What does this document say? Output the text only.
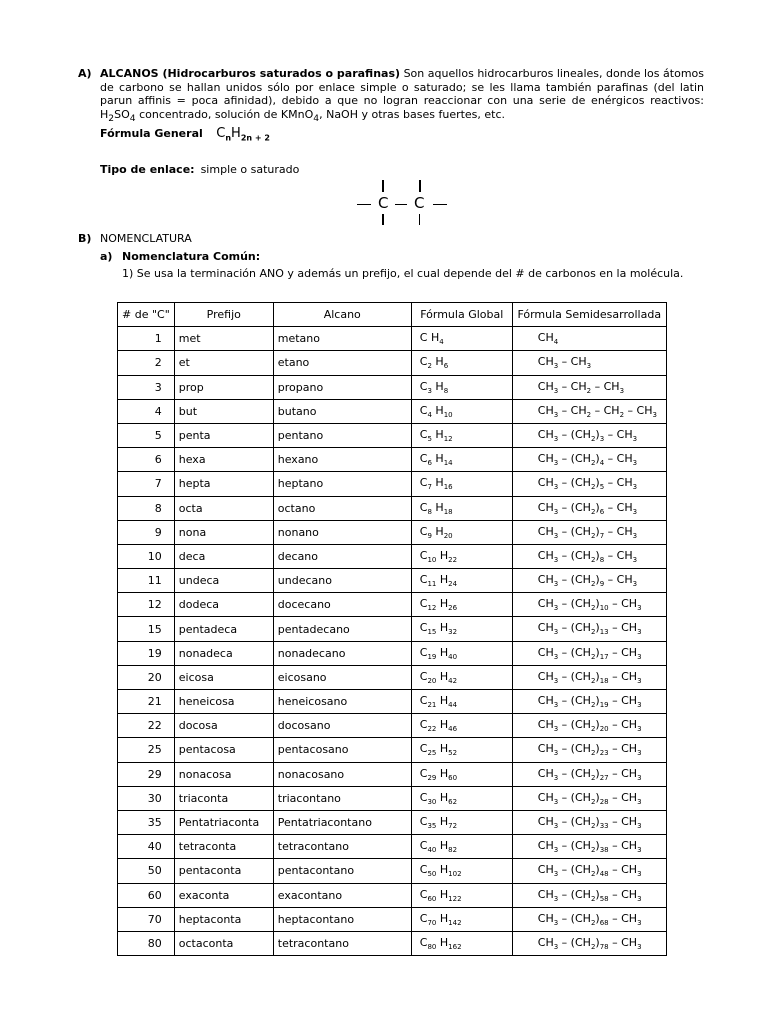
A) ALCANOS (Hidrocarburos saturados o parafinas) Son aquellos hidrocarburos lineales, donde los átomos de carbono se hallan unidos sólo por enlace simple o saturado; se les llama también parafinas (del latin parun affinis = poca afinidad), debido a que no logran reaccionar con una serie de enérgicos reactivos: $H_2SO_4$ concentrado, solución de KMnO$_4$, NaOH y otras bases fuertes, etc.
Fórmula General $C_nH_{2n + 2}$
Tipo de enlace: simple o saturado
C C
B) NOMENCLATURA
a) Nomenclatura Común:
1) Se usa la terminación ANO y además un prefijo, el cual depende del # de carbonos en la molécula.
# de "C"	Prefijo	Alcano	Fórmula Global	Fórmula Semidesarrollada
1	met	metano	C $H_4$	$CH_4$
2	et	etano	$C_2$ $H_6$	$CH_3 - CH_3$
3	prop	propano	$C_3$ $H_8$	$CH_3 - CH_2 - CH_3$
4	but	butano	$C_4$ $H_{10}$	$CH_3 - CH_2 - CH_2 - CH_3$
5	penta	pentano	$C_5$ $H_{12}$	$CH_3 - (CH_2)_3 - CH_3$
6	hexa	hexano	$C_6$ $H_{14}$	$CH_3 - (CH_2)_4 - CH_3$
7	hepta	heptano	$C_7$ $H_{16}$	$CH_3 - (CH_2)_5 - CH_3$
8	octa	octano	$C_8$ $H_{18}$	$CH_3 - (CH_2)_6 - CH_3$
9	nona	nonano	$C_9$ $H_{20}$	$CH_3 - (CH_2)_7 - CH_3$
10	deca	decano	$C_{10}$ $H_{22}$	$CH_3 - (CH_2)_8 - CH_3$
11	undeca	undecano	$C_{11}$ $H_{24}$	$CH_3 - (CH_2)_9 - CH_3$
12	dodeca	docecano	$C_{12}$ $H_{26}$	$CH_3 - (CH_2)_{10} - CH_3$
15	pentadeca	pentadecano	$C_{15}$ $H_{32}$	$CH_3 - (CH_2)_{13} - CH_3$
19	nonadeca	nonadecano	$C_{19}$ $H_{40}$	$CH_3 - (CH_2)_{17} - CH_3$
20	eicosa	eicosano	$C_{20}$ $H_{42}$	$CH_3 - (CH_2)_{18} - CH_3$
21	heneicosa	heneicosano	$C_{21}$ $H_{44}$	$CH_3 - (CH_2)_{19} - CH_3$
22	docosa	docosano	$C_{22}$ $H_{46}$	$CH_3 - (CH_2)_{20} - CH_3$
25	pentacosa	pentacosano	$C_{25}$ $H_{52}$	$CH_3 - (CH_2)_{23} - CH_3$
29	nonacosa	nonacosano	$C_{29}$ $H_{60}$	$CH_3 - (CH_2)_{27} - CH_3$
30	triaconta	triacontano	$C_{30}$ $H_{62}$	$CH_3 - (CH_2)_{28} - CH_3$
35	Pentatriaconta	Pentatriacontano	$C_{35}$ $H_{72}$	$CH_3 - (CH_2)_{33} - CH_3$
40	tetraconta	tetracontano	$C_{40}$ $H_{82}$	$CH_3 - (CH_2)_{38} - CH_3$
50	pentaconta	pentacontano	$C_{50}$ $H_{102}$	$CH_3 - (CH_2)_{48} - CH_3$
60	exaconta	exacontano	$C_{60}$ $H_{122}$	$CH_3 - (CH_2)_{58} - CH_3$
70	heptaconta	heptacontano	$C_{70}$ $H_{142}$	$CH_3 - (CH_2)_{68} - CH_3$
80	octaconta	tetracontano	$C_{80}$ $H_{162}$	$CH_3 - (CH_2)_{78} - CH_3$
